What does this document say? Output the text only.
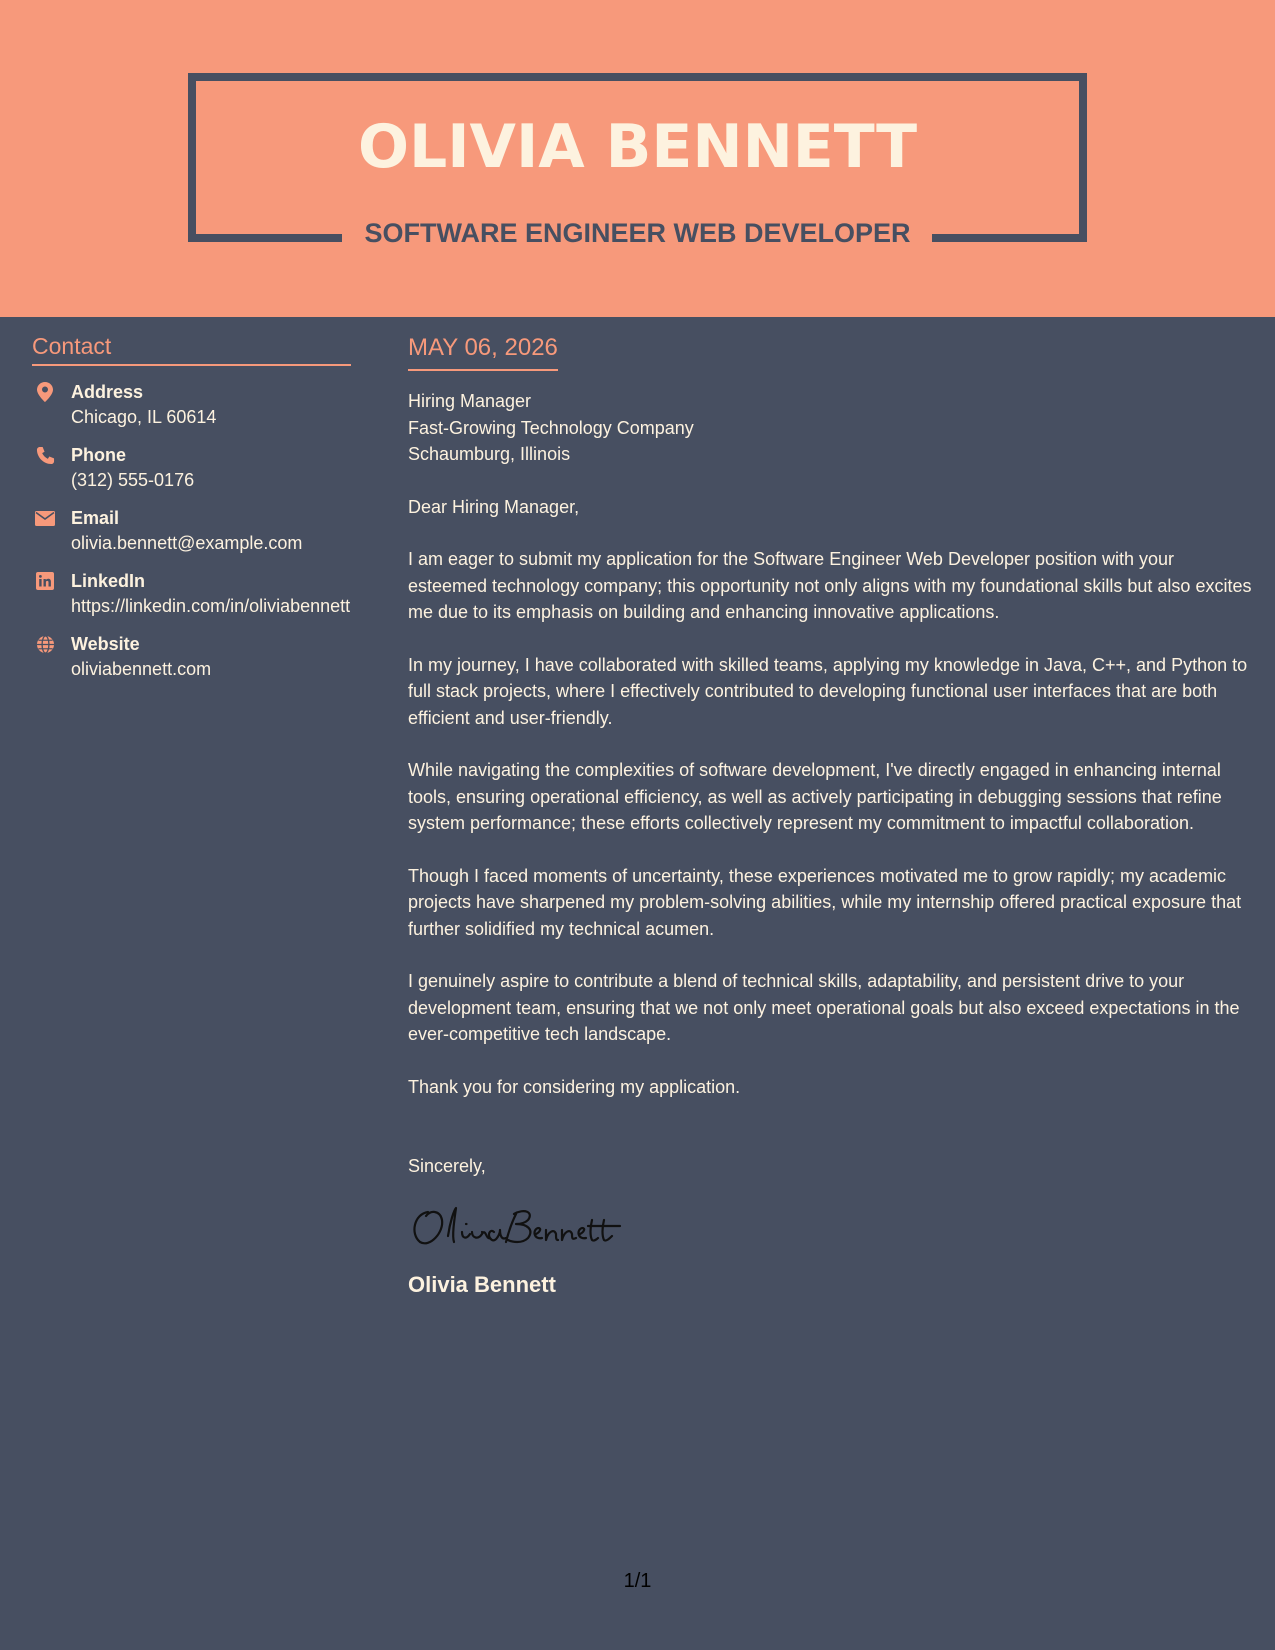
OLIVIA BENNETT
SOFTWARE ENGINEER WEB DEVELOPER
Contact
Address
Chicago, IL 60614
Phone
(312) 555-0176
Email
olivia.bennett@example.com
LinkedIn
https://linkedin.com/in/oliviabennett
Website
oliviabennett.com
MAY 06, 2026

Hiring Manager

Fast-Growing Technology Company

Schaumburg, Illinois

Dear Hiring Manager,

I am eager to submit my application for the Software Engineer Web Developer position with your esteemed technology company; this opportunity not only aligns with my foundational skills but also excites me due to its emphasis on building and enhancing innovative applications.

In my journey, I have collaborated with skilled teams, applying my knowledge in Java, C++, and Python to full stack projects, where I effectively contributed to developing functional user interfaces that are both efficient and user-friendly.

While navigating the complexities of software development, I've directly engaged in enhancing internal tools, ensuring operational efficiency, as well as actively participating in debugging sessions that refine system performance; these efforts collectively represent my commitment to impactful collaboration.

Though I faced moments of uncertainty, these experiences motivated me to grow rapidly; my academic projects have sharpened my problem-solving abilities, while my internship offered practical exposure that further solidified my technical acumen.

I genuinely aspire to contribute a blend of technical skills, adaptability, and persistent drive to your development team, ensuring that we not only meet operational goals but also exceed expectations in the ever-competitive tech landscape.

Thank you for considering my application.

Sincerely,

Olivia Bennett

1/1
